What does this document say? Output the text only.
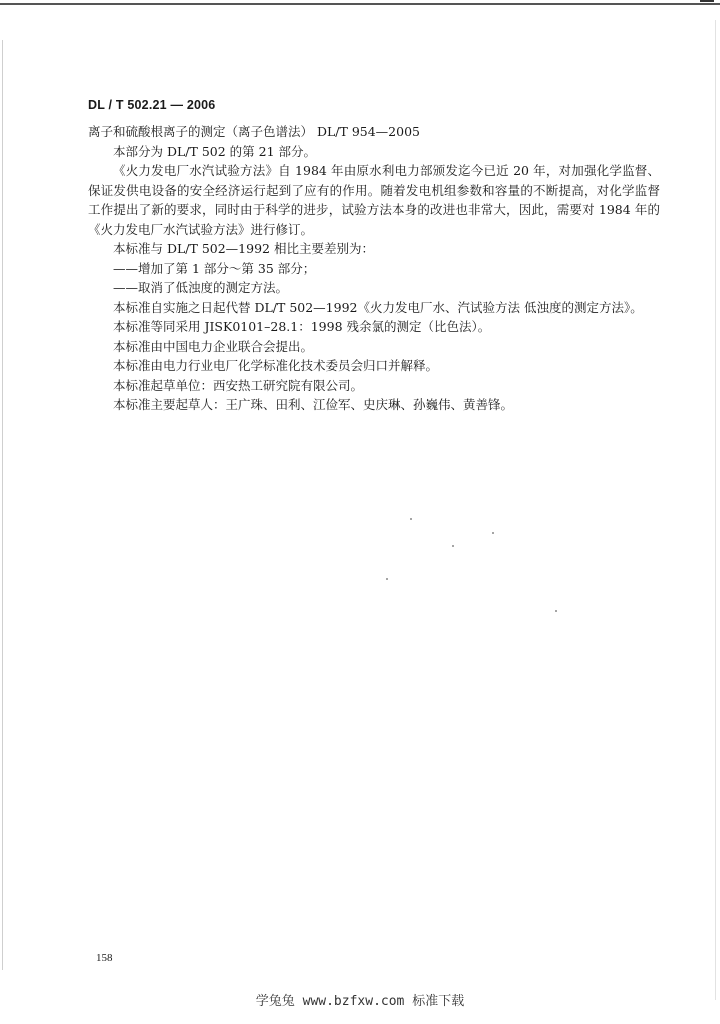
DL / T 502.21 — 2006
离子和硫酸根离子的测定（离子色谱法） DL/T 954—2005
本部分为 DL/T 502 的第 21 部分。

《火力发电厂水汽试验方法》自 1984 年由原水利电力部颁发迄今已近 20 年，对加强化学监督、保证发供电设备的安全经济运行起到了应有的作用。随着发电机组参数和容量的不断提高，对化学监督工作提出了新的要求，同时由于科学的进步，试验方法本身的改进也非常大，因此，需要对 1984 年的《火力发电厂水汽试验方法》进行修订。

本标准与 DL/T 502—1992 相比主要差别为：
——增加了第 1 部分～第 35 部分；
——取消了低浊度的测定方法。
本标准自实施之日起代替 DL/T 502—1992《火力发电厂水、汽试验方法 低浊度的测定方法》。
本标准等同采用 JISK0101–28.1：1998 残余氯的测定（比色法）。
本标准由中国电力企业联合会提出。
本标准由电力行业电厂化学标准化技术委员会归口并解释。
本标准起草单位：西安热工研究院有限公司。
本标准主要起草人：王广珠、田利、江俭军、史庆琳、孙巍伟、黄善锋。
158
学兔兔 www.bzfxw.com 标准下载
